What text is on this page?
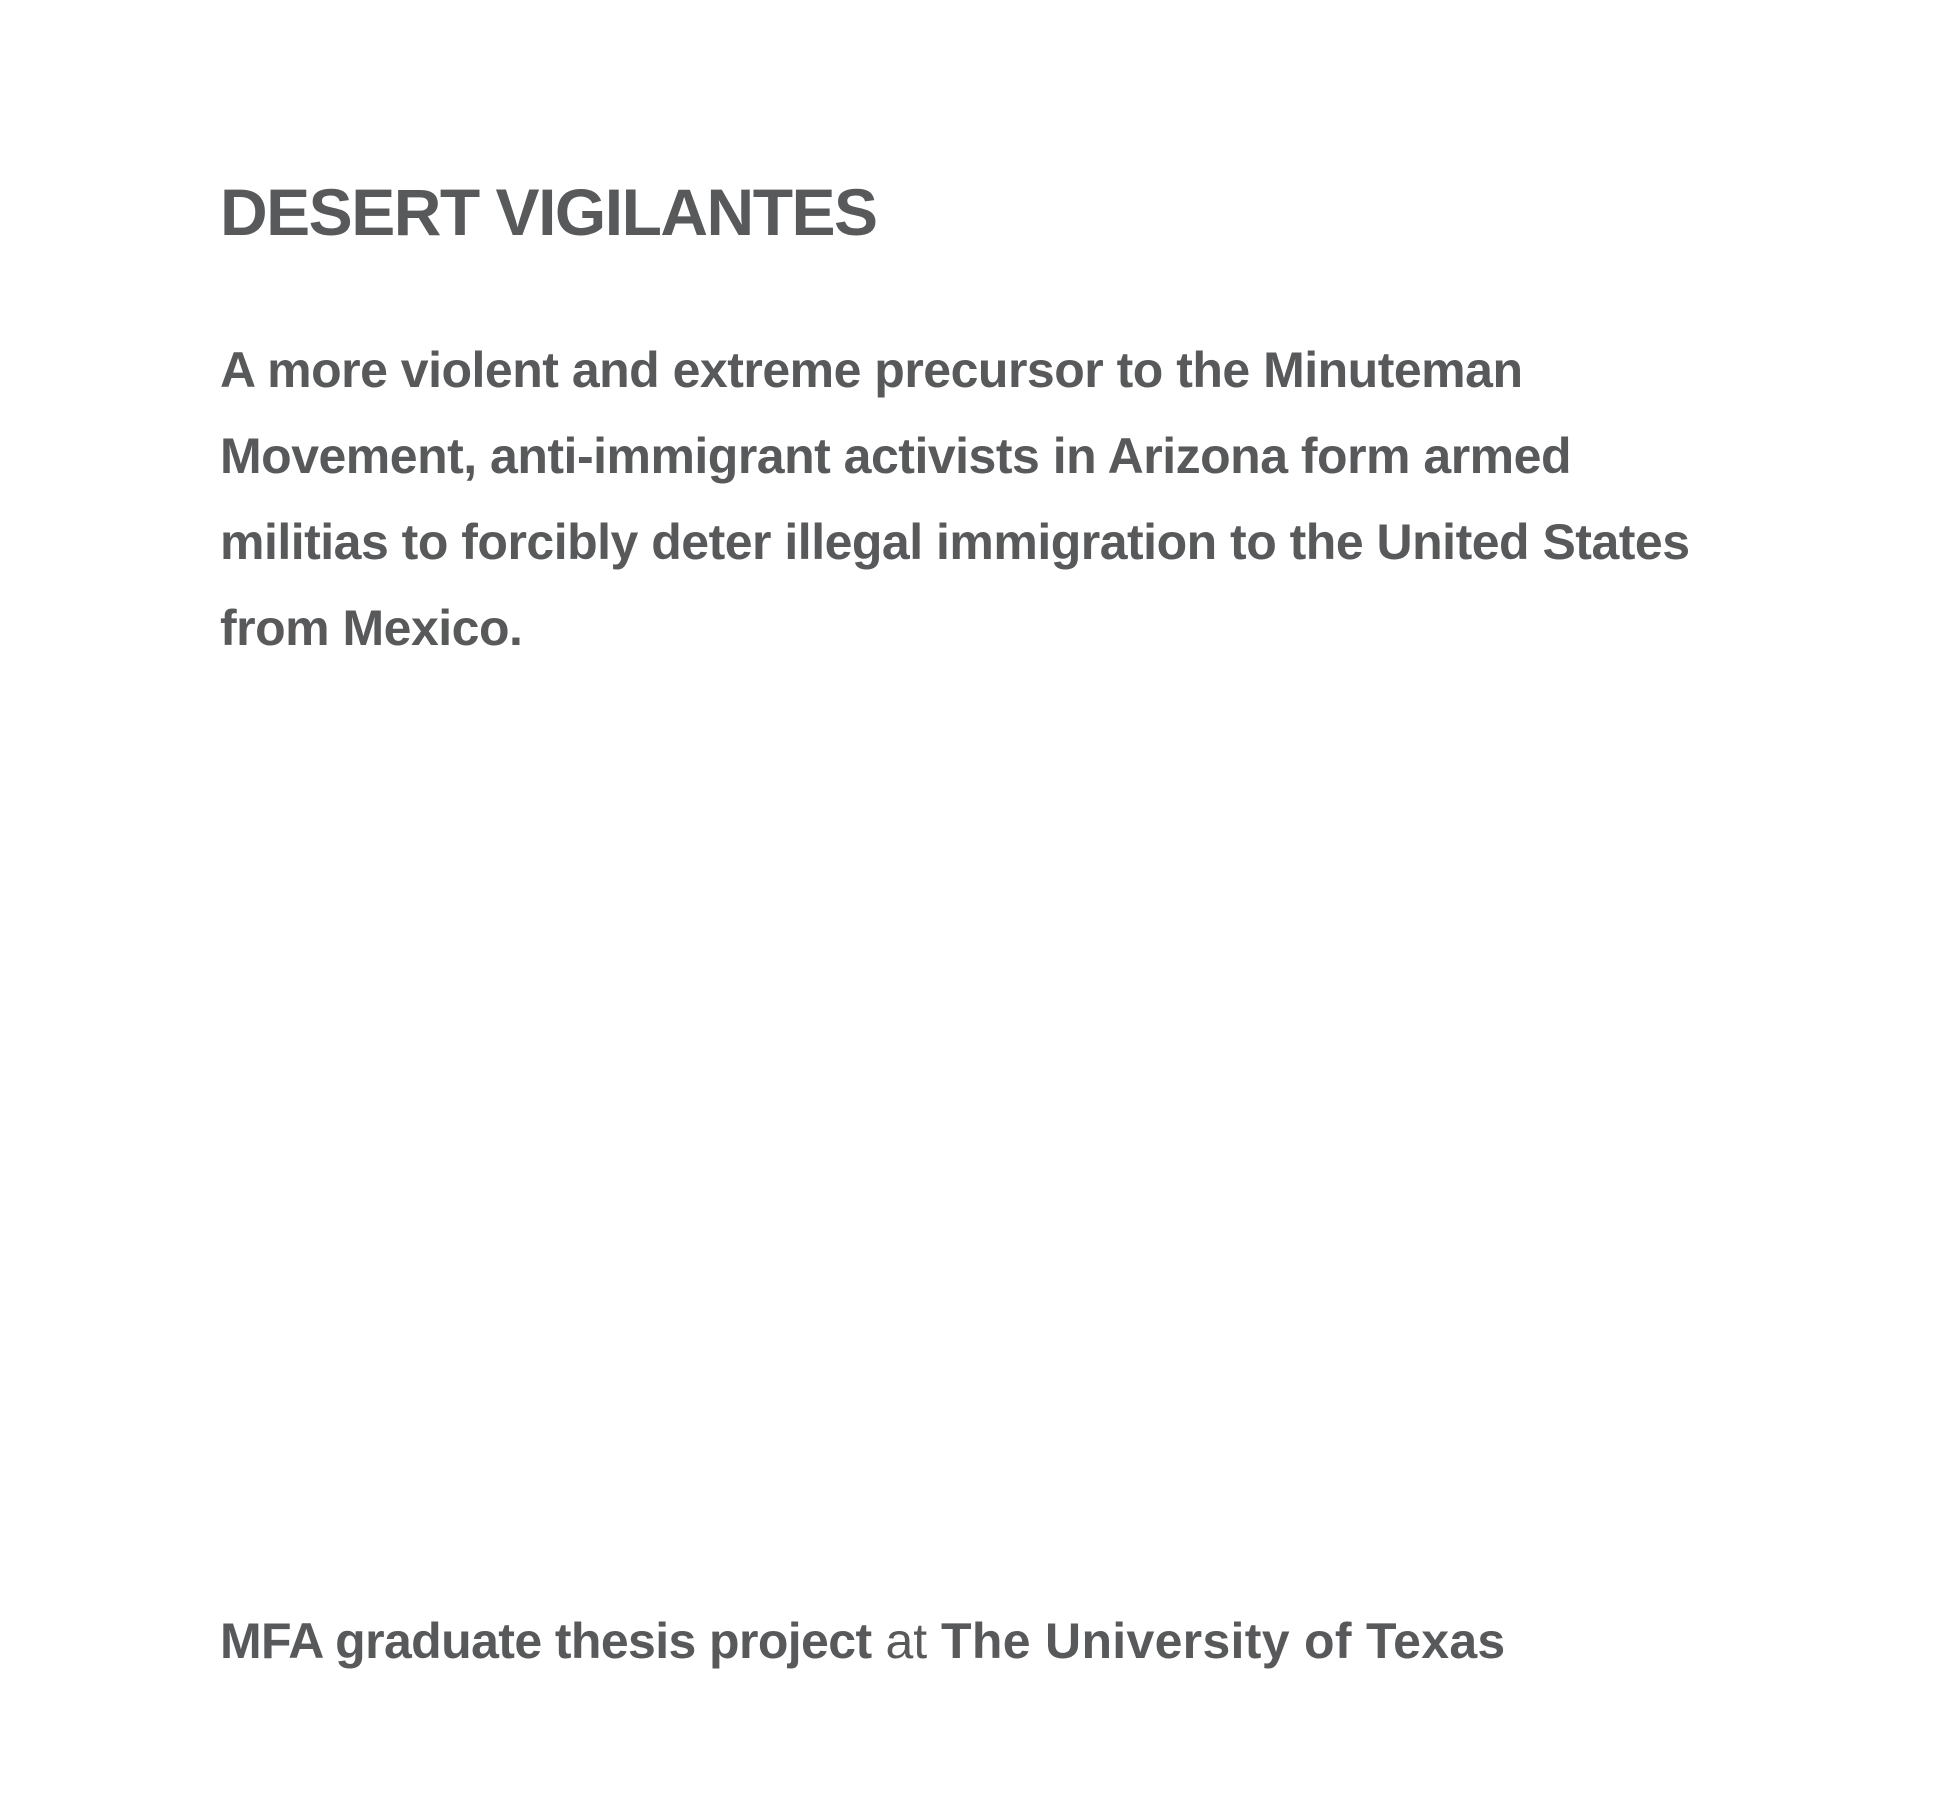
DESERT VIGILANTES

A more violent and extreme precursor to the Minuteman Movement, anti-immigrant activists in Arizona form armed militias to forcibly deter illegal immigration to the United States from Mexico.

MFA graduate thesis project at The University of Texas
